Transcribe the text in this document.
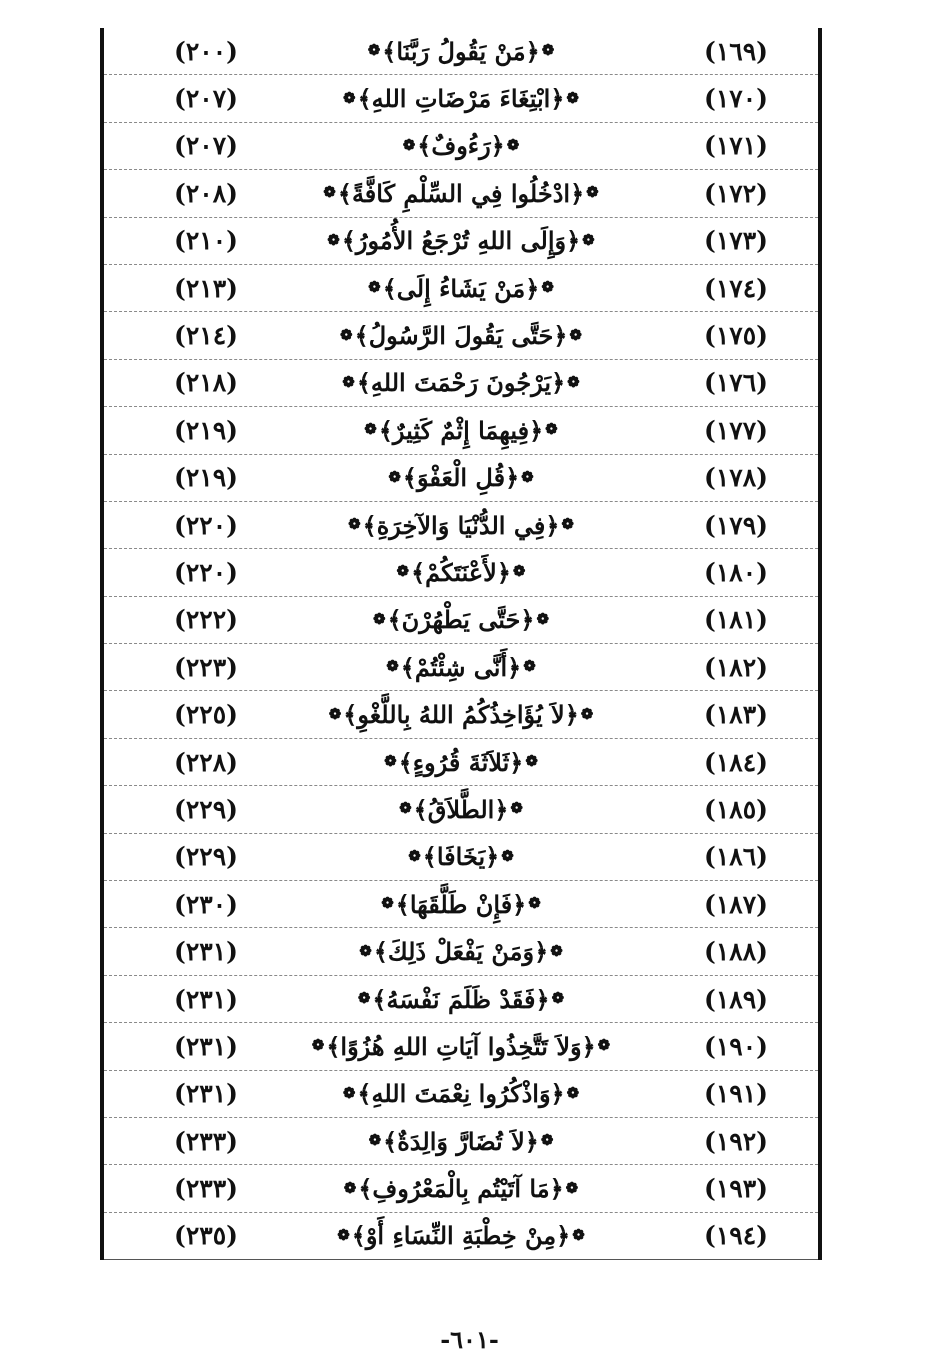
(١٦٩)
❁
﴿
مَنْ يَقُولُ رَبَّنَا
﴾
❁
(٢٠٠)
(١٧٠)
❁
﴿
ابْتِغَاءَ مَرْضَاتِ اللهِ
﴾
❁
(٢٠٧)
(١٧١)
❁
﴿
رَءُوفٌ
﴾
❁
(٢٠٧)
(١٧٢)
❁
﴿
ادْخُلُوا فِي السِّلْمِ كَافَّةً
﴾
❁
(٢٠٨)
(١٧٣)
❁
﴿
وَإِلَى اللهِ تُرْجَعُ الأُمُورُ
﴾
❁
(٢١٠)
(١٧٤)
❁
﴿
مَنْ يَشَاءُ إِلَى
﴾
❁
(٢١٣)
(١٧٥)
❁
﴿
حَتَّى يَقُولَ الرَّسُولُ
﴾
❁
(٢١٤)
(١٧٦)
❁
﴿
يَرْجُونَ رَحْمَتَ اللهِ
﴾
❁
(٢١٨)
(١٧٧)
❁
﴿
فِيهِمَا إِثْمٌ كَثِيرٌ
﴾
❁
(٢١٩)
(١٧٨)
❁
﴿
قُلِ الْعَفْوَ
﴾
❁
(٢١٩)
(١٧٩)
❁
﴿
فِي الدُّنْيَا وَالآخِرَةِ
﴾
❁
(٢٢٠)
(١٨٠)
❁
﴿
لأَعْنَتَكُمْ
﴾
❁
(٢٢٠)
(١٨١)
❁
﴿
حَتَّى يَطْهُرْنَ
﴾
❁
(٢٢٢)
(١٨٢)
❁
﴿
أَنَّى شِئْتُمْ
﴾
❁
(٢٢٣)
(١٨٣)
❁
﴿
لاَ يُؤَاخِذُكُمُ اللهُ بِاللَّغْوِ
﴾
❁
(٢٢٥)
(١٨٤)
❁
﴿
ثَلاَثَةَ قُرُوءٍ
﴾
❁
(٢٢٨)
(١٨٥)
❁
﴿
الطَّلاَقُ
﴾
❁
(٢٢٩)
(١٨٦)
❁
﴿
يَخَافَا
﴾
❁
(٢٢٩)
(١٨٧)
❁
﴿
فَإِنْ طَلَّقَهَا
﴾
❁
(٢٣٠)
(١٨٨)
❁
﴿
وَمَنْ يَفْعَلْ ذَلِكَ
﴾
❁
(٢٣١)
(١٨٩)
❁
﴿
فَقَدْ ظَلَمَ نَفْسَهُ
﴾
❁
(٢٣١)
(١٩٠)
❁
﴿
وَلاَ تَتَّخِذُوا آيَاتِ اللهِ هُزُوًا
﴾
❁
(٢٣١)
(١٩١)
❁
﴿
وَاذْكُرُوا نِعْمَتَ اللهِ
﴾
❁
(٢٣١)
(١٩٢)
❁
﴿
لاَ تُضَارَّ وَالِدَةٌ
﴾
❁
(٢٣٣)
(١٩٣)
❁
﴿
مَا آتَيْتُم بِالْمَعْرُوفِ
﴾
❁
(٢٣٣)
(١٩٤)
❁
﴿
مِنْ خِطْبَةِ النِّسَاءِ أَوْ
﴾
❁
(٢٣٥)
-٦٠١-
